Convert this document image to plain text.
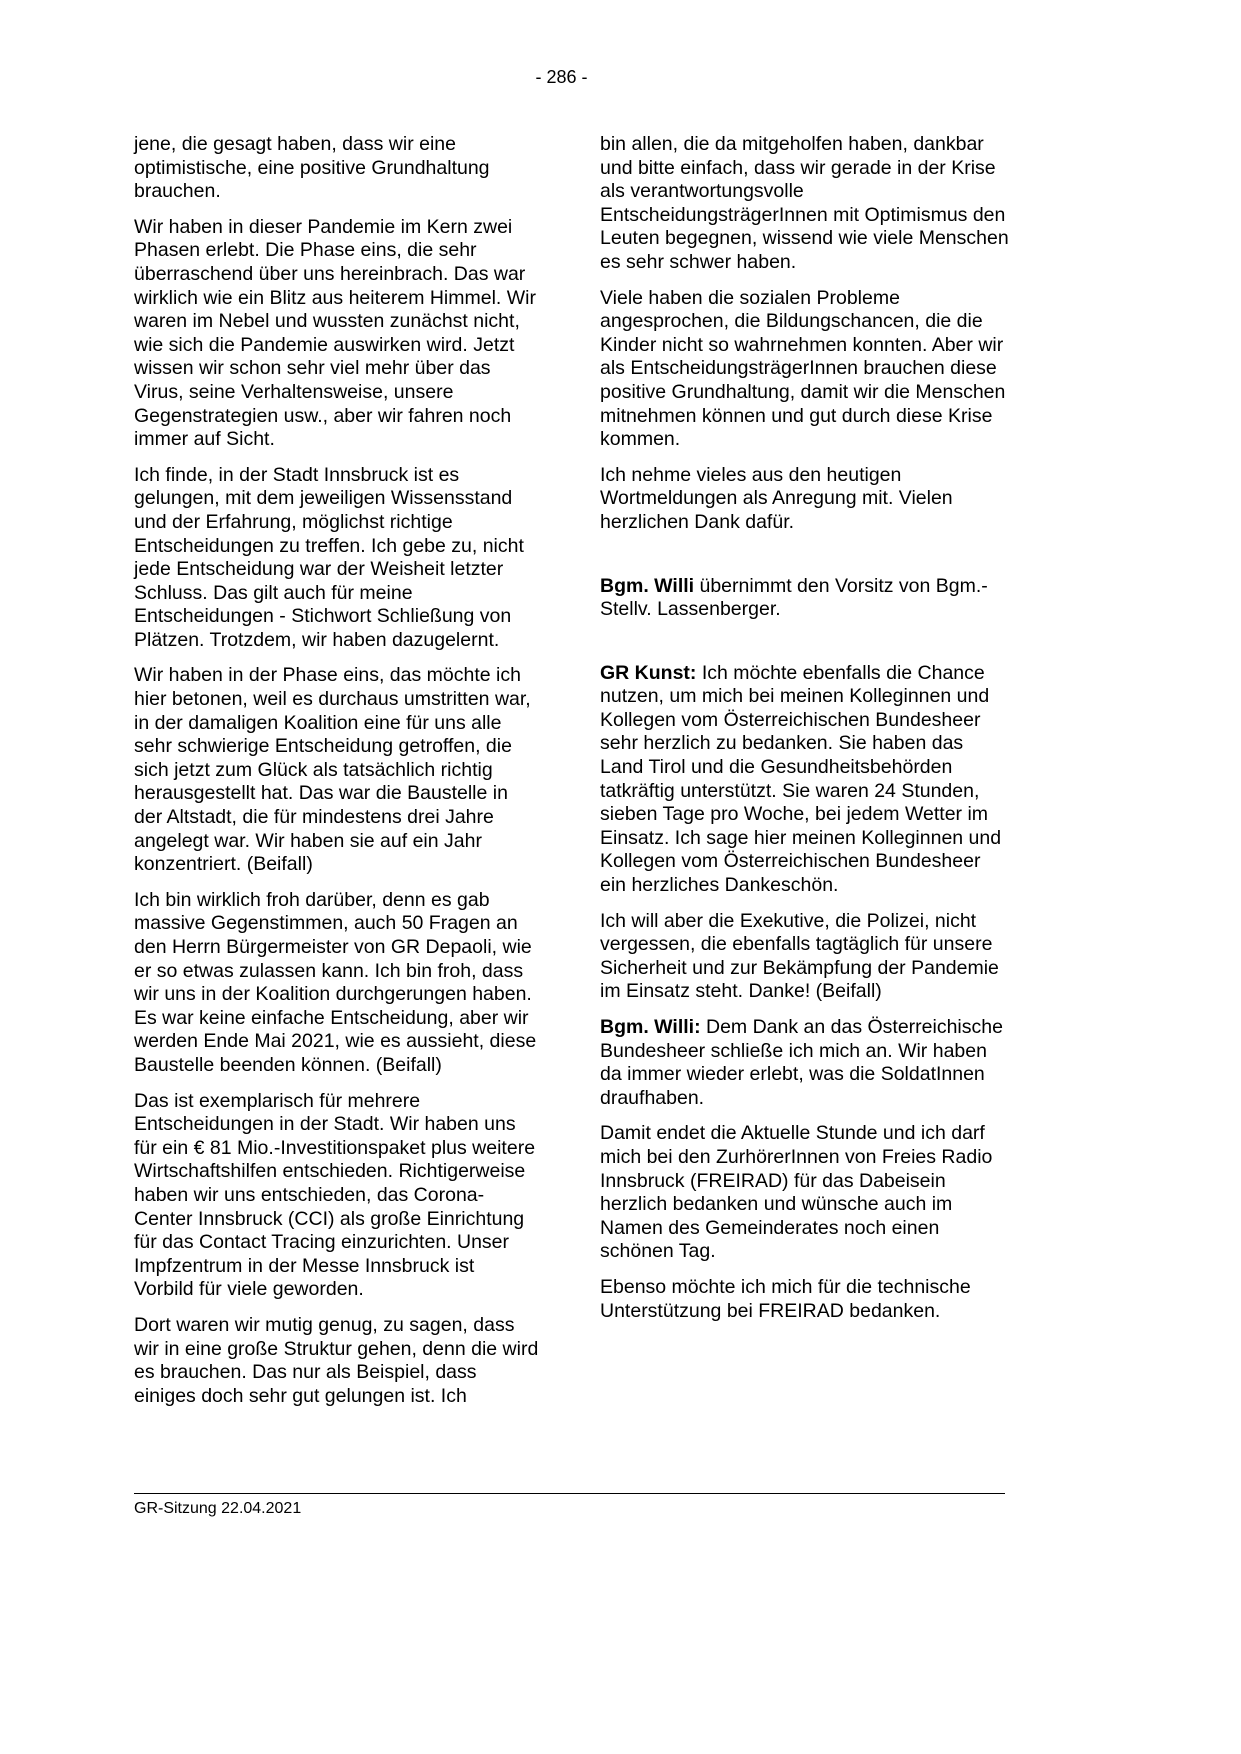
- 286 -

jene, die gesagt haben, dass wir eine optimistische, eine positive Grundhaltung brauchen.

Wir haben in dieser Pandemie im Kern zwei Phasen erlebt. Die Phase eins, die sehr überraschend über uns hereinbrach. Das war wirklich wie ein Blitz aus heiterem Himmel. Wir waren im Nebel und wussten zunächst nicht, wie sich die Pandemie auswirken wird. Jetzt wissen wir schon sehr viel mehr über das Virus, seine Verhaltensweise, unsere Gegenstrategien usw., aber wir fahren noch immer auf Sicht.

Ich finde, in der Stadt Innsbruck ist es gelungen, mit dem jeweiligen Wissensstand und der Erfahrung, möglichst richtige Entscheidungen zu treffen. Ich gebe zu, nicht jede Entscheidung war der Weisheit letzter Schluss. Das gilt auch für meine Entscheidungen - Stichwort Schließung von Plätzen. Trotzdem, wir haben dazugelernt.

Wir haben in der Phase eins, das möchte ich hier betonen, weil es durchaus umstritten war, in der damaligen Koalition eine für uns alle sehr schwierige Entscheidung getroffen, die sich jetzt zum Glück als tatsächlich richtig herausgestellt hat. Das war die Baustelle in der Altstadt, die für mindestens drei Jahre angelegt war. Wir haben sie auf ein Jahr konzentriert. (Beifall)

Ich bin wirklich froh darüber, denn es gab massive Gegenstimmen, auch 50 Fragen an den Herrn Bürgermeister von GR Depaoli, wie er so etwas zulassen kann. Ich bin froh, dass wir uns in der Koalition durchgerungen haben. Es war keine einfache Entscheidung, aber wir werden Ende Mai 2021, wie es aussieht, diese Baustelle beenden können. (Beifall)

Das ist exemplarisch für mehrere Entscheidungen in der Stadt. Wir haben uns für ein € 81 Mio.-Investitionspaket plus weitere Wirtschaftshilfen entschieden. Richtigerweise haben wir uns entschieden, das Corona-Center Innsbruck (CCI) als große Einrichtung für das Contact Tracing einzurichten. Unser Impfzentrum in der Messe Innsbruck ist Vorbild für viele geworden.

Dort waren wir mutig genug, zu sagen, dass wir in eine große Struktur gehen, denn die wird es brauchen. Das nur als Beispiel, dass einiges doch sehr gut gelungen ist. Ich

bin allen, die da mitgeholfen haben, dankbar und bitte einfach, dass wir gerade in der Krise als verantwortungsvolle EntscheidungsträgerInnen mit Optimismus den Leuten begegnen, wissend wie viele Menschen es sehr schwer haben.

Viele haben die sozialen Probleme angesprochen, die Bildungschancen, die die Kinder nicht so wahrnehmen konnten. Aber wir als EntscheidungsträgerInnen brauchen diese positive Grundhaltung, damit wir die Menschen mitnehmen können und gut durch diese Krise kommen.

Ich nehme vieles aus den heutigen Wortmeldungen als Anregung mit. Vielen herzlichen Dank dafür.

Bgm. Willi übernimmt den Vorsitz von Bgm.-Stellv. Lassenberger.

GR Kunst: Ich möchte ebenfalls die Chance nutzen, um mich bei meinen Kolleginnen und Kollegen vom Österreichischen Bundesheer sehr herzlich zu bedanken. Sie haben das Land Tirol und die Gesundheitsbehörden tatkräftig unterstützt. Sie waren 24 Stunden, sieben Tage pro Woche, bei jedem Wetter im Einsatz. Ich sage hier meinen Kolleginnen und Kollegen vom Österreichischen Bundesheer ein herzliches Dankeschön.

Ich will aber die Exekutive, die Polizei, nicht vergessen, die ebenfalls tagtäglich für unsere Sicherheit und zur Bekämpfung der Pandemie im Einsatz steht. Danke! (Beifall)

Bgm. Willi: Dem Dank an das Österreichische Bundesheer schließe ich mich an. Wir haben da immer wieder erlebt, was die SoldatInnen draufhaben.

Damit endet die Aktuelle Stunde und ich darf mich bei den ZurhörerInnen von Freies Radio Innsbruck (FREIRAD) für das Dabeisein herzlich bedanken und wünsche auch im Namen des Gemeinderates noch einen schönen Tag.

Ebenso möchte ich mich für die technische Unterstützung bei FREIRAD bedanken.

GR-Sitzung 22.04.2021
